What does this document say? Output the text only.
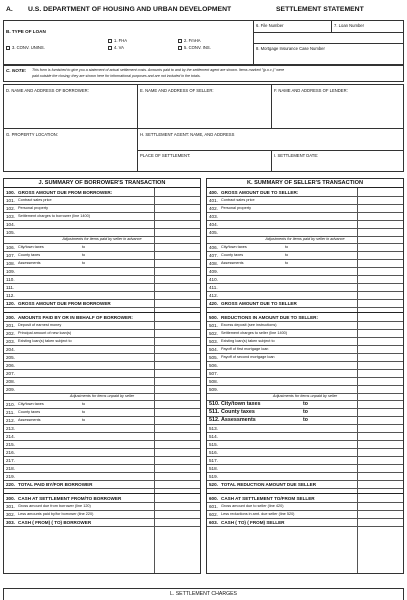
A. U.S. DEPARTMENT OF HOUSING AND URBAN DEVELOPMENT	SETTLEMENT STATEMENT
B. TYPE OF LOAN
1. FHA	2. FmHA
3. CONV. UNINS.	4. VA	5. CONV. INS.
6. File Number	7. Loan Number
8. Mortgage Insurance Case Number
C. NOTE: This form is furnished to give you a statement of actual settlement costs. Amounts paid to and by the settlement agent are shown. Items marked "(p.o.c.)" were
paid outside the closing; they are shown here for informational purposes and are not included in the totals.
D. NAME AND ADDRESS OF BORROWER:	E. NAME AND ADDRESS OF SELLER:	F. NAME AND ADDRESS OF LENDER:
G. PROPERTY LOCATION:	H. SETTLEMENT AGENT: NAME, AND ADDRESS
PLACE OF SETTLEMENT:	I. SETTLEMENT DATE:
J. SUMMARY OF BORROWER'S TRANSACTION
100. GROSS AMOUNT DUE FROM BORROWER:
101. Contract sales price
102. Personal property
103. Settlement charges to borrower (line 1400)
104.
105.
Adjustments for items paid by seller in advance
106. City/town taxes	to
107. County taxes	to
108. Assessments	to
109.
110.
111.
112.
120. GROSS AMOUNT DUE FROM BORROWER
200. AMOUNTS PAID BY OR IN BEHALF OF BORROWER:
201. Deposit of earnest money
202. Principal amount of new loan(s)
203. Existing loan(s) taken subject to
204.
205.
206.
207.
208.
209.
Adjustments for items unpaid by seller
210. City/town taxes	to
211. County taxes	to
212. Assessments	to
213.
214.
215.
216.
217.
218.
219.
220. TOTAL PAID BY/FOR BORROWER
300. CASH AT SETTLEMENT FROM/TO BORROWER
301. Gross amount due from borrower (line 120)
302. Less amounts paid by/for borrower (line 220)
303. CASH ( FROM) ( TO) BORROWER
K. SUMMARY OF SELLER'S TRANSACTION
400. GROSS AMOUNT DUE TO SELLER:
401. Contract sales price
402. Personal property
403.
404.
405.
Adjustments for items paid by seller in advance
406. City/town taxes	to
407. County taxes	to
408. Assessments	to
409.
410.
411.
412.
420. GROSS AMOUNT DUE TO SELLER
500. REDUCTIONS IN AMOUNT DUE TO SELLER:
501. Excess deposit (see instructions)
502. Settlement charges to seller (line 1400)
503. Existing loan(s) taken subject to
504. Payoff of first mortgage loan
505. Payoff of second mortgage loan
506.
507.
508.
509.
Adjustments for items unpaid by seller
510. City/town taxes	to
511. County taxes	to
512. Assessments	to
513.
514.
515.
516.
517.
518.
519.
520. TOTAL REDUCTION AMOUNT DUE SELLER
600. CASH AT SETTLEMENT TO/FROM SELLER
601. Gross amount due to seller (line 420)
602. Less reductions in amt. due seller (line 520)
603. CASH ( TO) ( FROM) SELLER
L. SETTLEMENT CHARGES
